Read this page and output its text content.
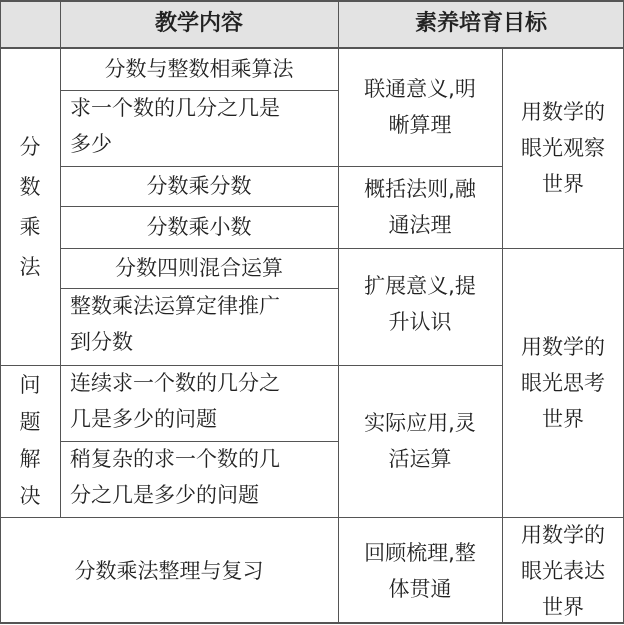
教学内容	素养培育目标
分
数
乘
法
问
题
解
决
分数与整数相乘算法
求一个数的几分之几是
多少
分数乘分数
分数乘小数
分数四则混合运算
整数乘法运算定律推广
到分数
连续求一个数的几分之
几是多少的问题
稍复杂的求一个数的几
分之几是多少的问题
分数乘法整理与复习
联通意义,明
晰算理
概括法则,融
通法理
扩展意义,提
升认识
实际应用,灵
活运算
回顾梳理,整
体贯通
用数学的
眼光观察
世界
用数学的
眼光思考
世界
用数学的
眼光表达
世界
